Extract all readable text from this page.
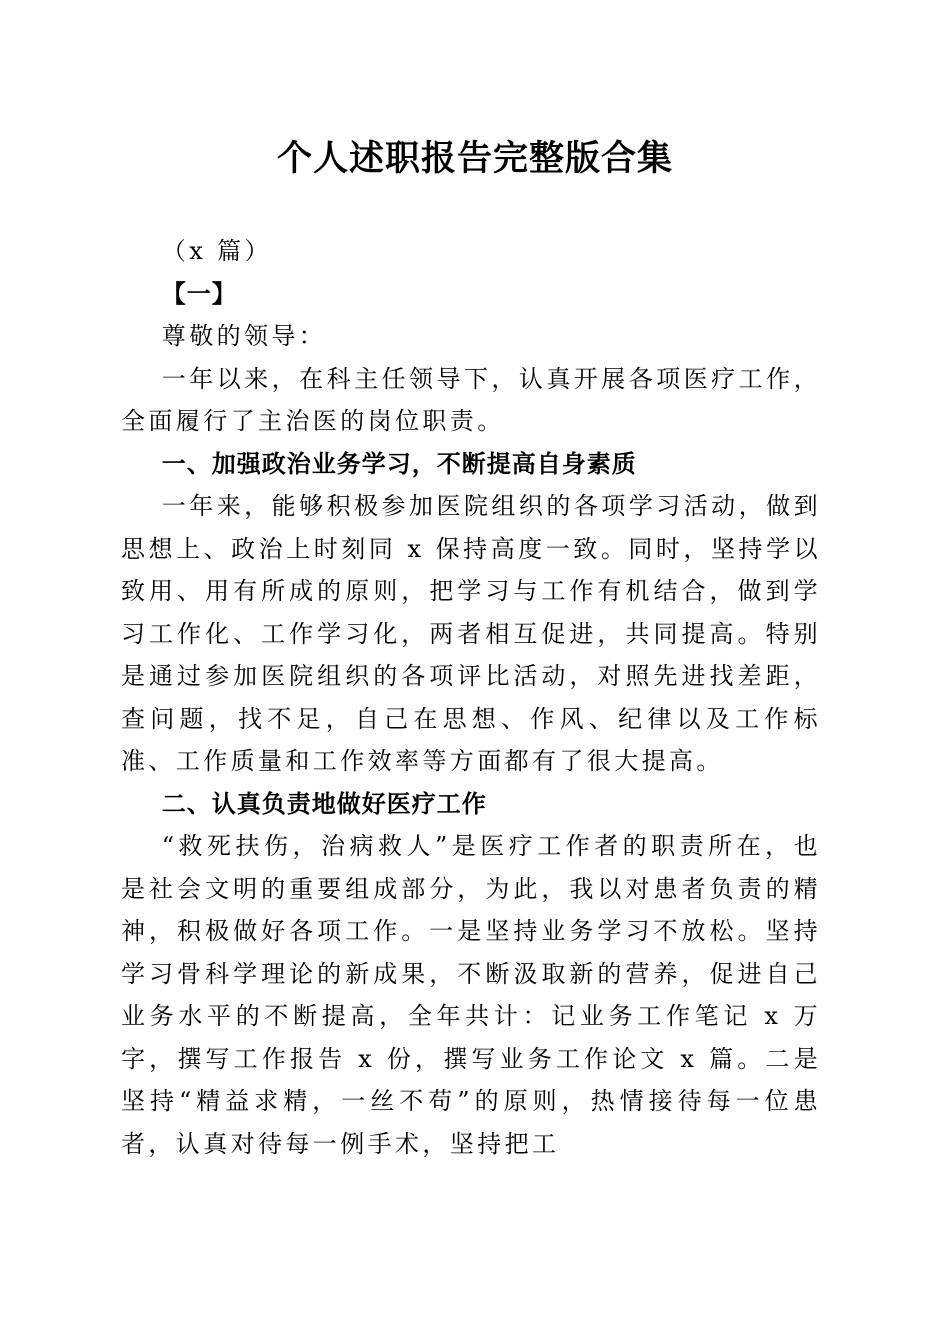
个人述职报告完整版合集

（x 篇）

【一】

尊敬的领导：

一年以来，在科主任领导下，认真开展各项医疗工作，全面履行了主治医的岗位职责。

一、加强政治业务学习，不断提高自身素质

一年来，能够积极参加医院组织的各项学习活动，做到思想上、政治上时刻同 x 保持高度一致。同时，坚持学以致用、用有所成的原则，把学习与工作有机结合，做到学习工作化、工作学习化，两者相互促进，共同提高。特别是通过参加医院组织的各项评比活动，对照先进找差距，查问题，找不足，自己在思想、作风、纪律以及工作标准、工作质量和工作效率等方面都有了很大提高。

二、认真负责地做好医疗工作

“救死扶伤，治病救人”是医疗工作者的职责所在，也是社会文明的重要组成部分，为此，我以对患者负责的精神，积极做好各项工作。一是坚持业务学习不放松。坚持学习骨科学理论的新成果，不断汲取新的营养，促进自己业务水平的不断提高，全年共计：记业务工作笔记 x 万字，撰写工作报告 x 份，撰写业务工作论文 x 篇。二是坚持“精益求精，一丝不苟”的原则，热情接待每一位患者，认真对待每一例手术，坚持把工
